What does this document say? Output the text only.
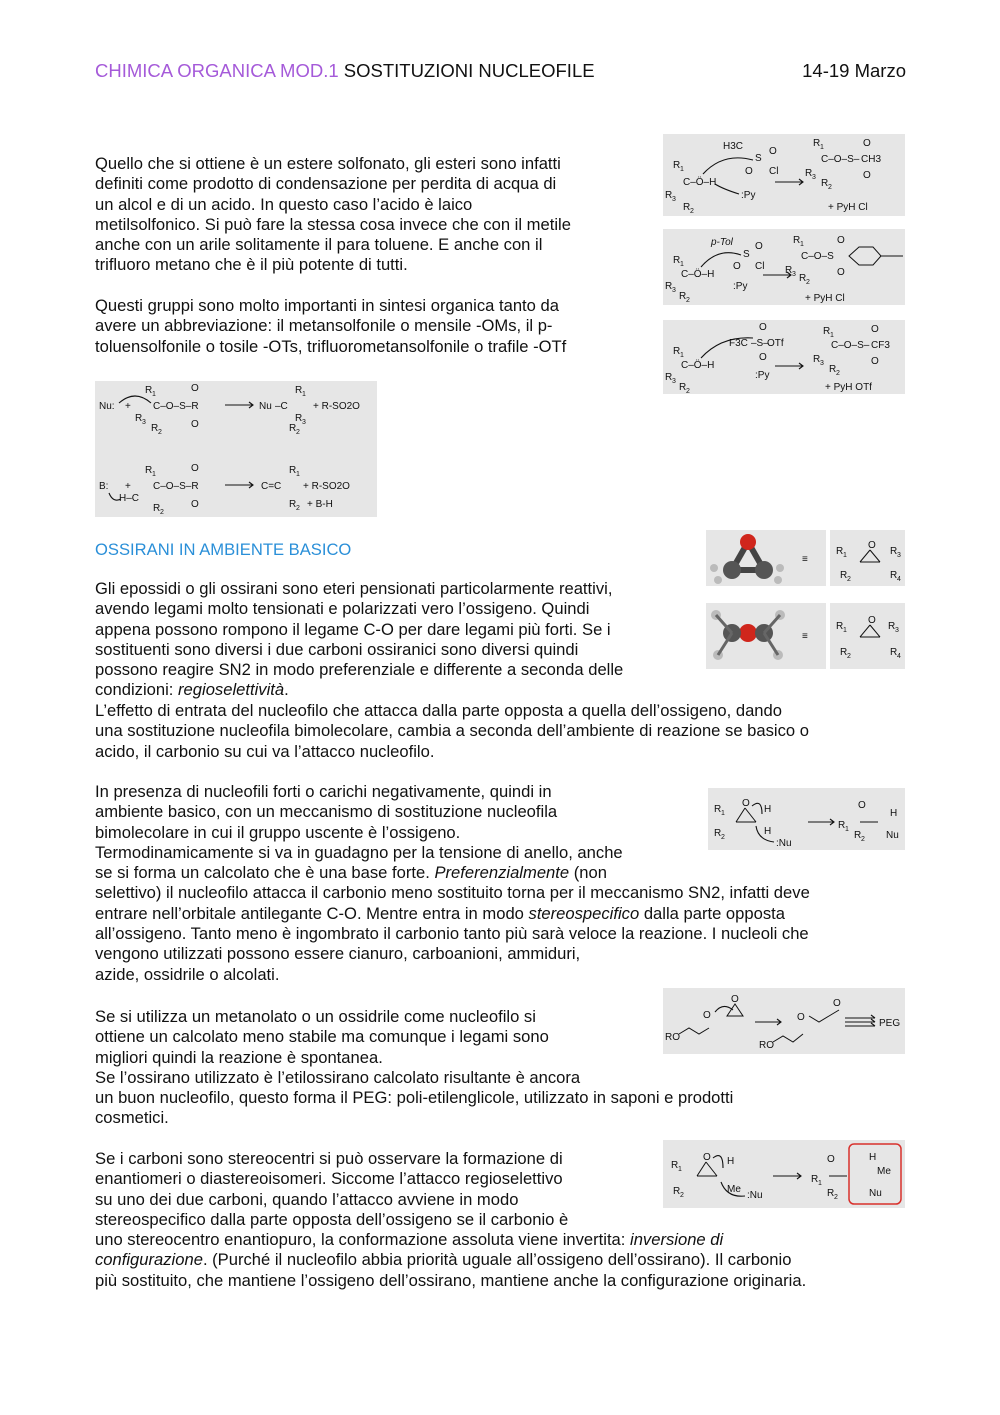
CHIMICA ORGANICA MOD.1 SOSTITUZIONI NUCLEOFILE	14-19 Marzo

Quello che si ottiene è un estere solfonato, gli esteri sono infatti

definiti come prodotto di condensazione per perdita di acqua di

un alcol e di un acido. In questo caso l’acido è laico

metilsolfonico. Si può fare la stessa cosa invece che con il metile

anche con un arile solitamente il para toluene. E anche con il

trifluoro metano che è il più potente di tutti.

Questi gruppi sono molto importanti in sintesi organica tanto da

avere un abbreviazione: il metansolfonile o mensile -OMs, il p-

toluensolfonile o tosile -OTs, trifluorometansolfonile o trafile -OTf

R 1
R 3
R 2
C–Ö–H
H3C
S
O Cl
O
:Py
R 1
C–O–S– CH3
O
O
R 3
R 2
+ PyH Cl
R 1
R 3
R 2
C–Ö–H
p-Tol
S
O
O Cl
:Py
R 1
C–O–S
O
O
R 3 R 2
+ PyH Cl
R 1
R 3
R 2
C–Ö–H
F3C –S–
OTf
O
O
:Py
R 1
C–O–S– CF3
O
O
R 3
R 2
+ PyH OTf
Nu: +
R 1
C–O–S–R
O
O
R 3
R 2
Nu –C
R 1
R 3
R 2
+ R-SO2O
B: +
H–C
R 1
C–O–S–R
O
O
R 2
C=C
R 1
R 2
+ R-SO2O
+ B-H
OSSIRANI IN AMBIENTE BASICO
≡
R 1
O
R 3
R 2	R 4
≡
R 1
O
R 3
R 2	R 4

Gli epossidi o gli ossirani sono eteri pensionati particolarmente reattivi,

avendo legami molto tensionati e polarizzati vero l’ossigeno. Quindi

appena possono rompono il legame C-O per dare legami più forti. Se i

sostituenti sono diversi i due carboni ossiranici sono diversi quindi

possono reagire SN2 in modo preferenziale e differente a seconda delle

condizioni: regioselettività.

L’effetto di entrata del nucleofilo che attacca dalla parte opposta a quella dell’ossigeno, dando

una sostituzione nucleofila bimolecolare, cambia a seconda dell’ambiente di reazione se basico o

acido, il carbonio su cui va l’attacco nucleofilo.

R 1
O
H
R 2
H
:Nu
O
R 1
R 2
H
Nu

In presenza di nucleofili forti o carichi negativamente, quindi in

ambiente basico, con un meccanismo di sostituzione nucleofila

bimolecolare in cui il gruppo uscente è l’ossigeno.

Termodinamicamente si va in guadagno per la tensione di anello, anche

se si forma un calcolato che è una base forte. Preferenzialmente (non

selettivo) il nucleofilo attacca il carbonio meno sostituito torna per il meccanismo SN2, infatti deve

entrare nell’orbitale antilegante C-O. Mentre entra in modo stereospecifico dalla parte opposta

all’ossigeno. Tanto meno è ingombrato il carbonio tanto più sarà veloce la reazione. I nucleoli che

vengono utilizzati possono essere cianuro, carboanioni, ammiduri,

azide, ossidrile o alcolati.

RO
O
O
RO
O
O
PEG

Se si utilizza un metanolato o un ossidrile come nucleofilo si

ottiene un calcolato meno stabile ma comunque i legami sono

migliori quindi la reazione è spontanea.

Se l’ossirano utilizzato è l’etilossirano calcolato risultante è ancora

un buon nucleofilo, questo forma il PEG: poli-etilenglicole, utilizzato in saponi e prodotti

cosmetici.

R 1
O H
R 2
Me
:Nu
O
R 1
R 2
H
Me
Nu

Se i carboni sono stereocentri si può osservare la formazione di

enantiomeri o diastereoisomeri. Siccome l’attacco regioselettivo

su uno dei due carboni, quando l’attacco avviene in modo

stereospecifico dalla parte opposta dell’ossigeno se il carbonio è

uno stereocentro enantiopuro, la conformazione assoluta viene invertita: inversione di

configurazione. (Purché il nucleofilo abbia priorità uguale all’ossigeno dell’ossirano). Il carbonio

più sostituito, che mantiene l’ossigeno dell’ossirano, mantiene anche la configurazione originaria.
